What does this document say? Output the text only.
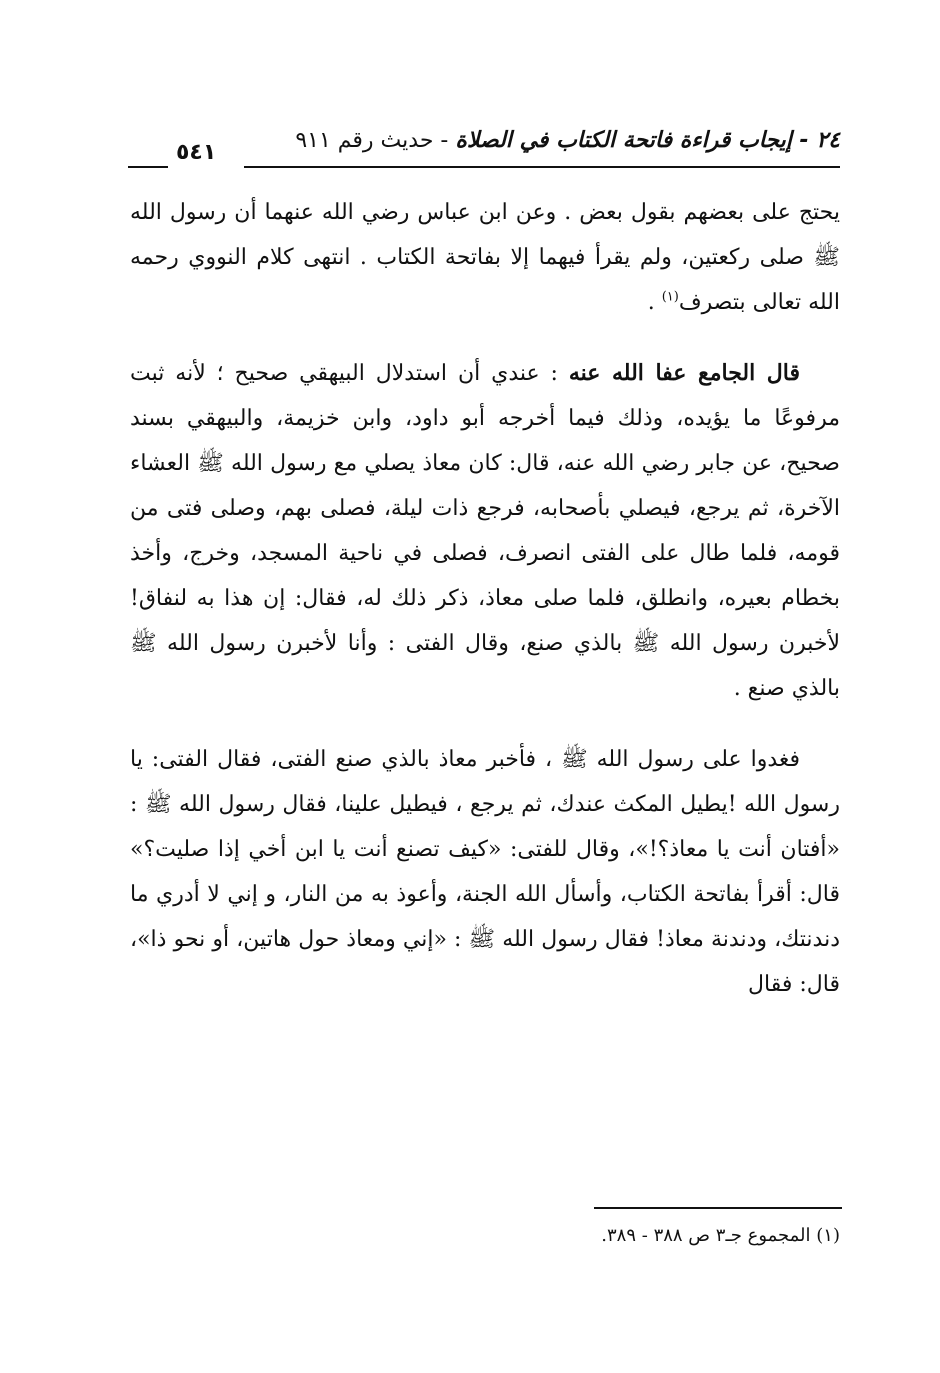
٢٤ - إيجاب قراءة فاتحة الكتاب في الصلاة - حديث رقم ٩١١
٥٤١

يحتج على بعضهم بقول بعض . وعن ابن عباس رضي الله عنهما أن رسول الله ﷺ صلى ركعتين، ولم يقرأ فيهما إلا بفاتحة الكتاب . انتهى كلام النووي رحمه الله تعالى بتصرف$^{(١)}$ .

قال الجامع عفا الله عنه : عندي أن استدلال البيهقي صحيح ؛ لأنه ثبت مرفوعًا ما يؤيده، وذلك فيما أخرجه أبو داود، وابن خزيمة، والبيهقي بسند صحيح، عن جابر رضي الله عنه، قال: كان معاذ يصلي مع رسول الله ﷺ العشاء الآخرة، ثم يرجع، فيصلي بأصحابه، فرجع ذات ليلة، فصلى بهم، وصلى فتى من قومه، فلما طال على الفتى انصرف، فصلى في ناحية المسجد، وخرج، وأخذ بخطام بعيره، وانطلق، فلما صلى معاذ، ذكر ذلك له، فقال: إن هذا به لنفاق! لأخبرن رسول الله ﷺ بالذي صنع، وقال الفتى : وأنا لأخبرن رسول الله ﷺ بالذي صنع .

فغدوا على رسول الله ﷺ ، فأخبر معاذ بالذي صنع الفتى، فقال الفتى: يا رسول الله !يطيل المكث عندك، ثم يرجع ، فيطيل علينا، فقال رسول الله ﷺ : «أفتان أنت يا معاذ؟!»، وقال للفتى: «كيف تصنع أنت يا ابن أخي إذا صليت؟» قال: أقرأ بفاتحة الكتاب، وأسأل الله الجنة، وأعوذ به من النار، و إني لا أدري ما دندنتك، ودندنة معاذ! فقال رسول الله ﷺ : «إني ومعاذ حول هاتين، أو نحو ذا»، قال: فقال

(١) المجموع جـ٣ ص ٣٨٨ - ٣٨٩.
